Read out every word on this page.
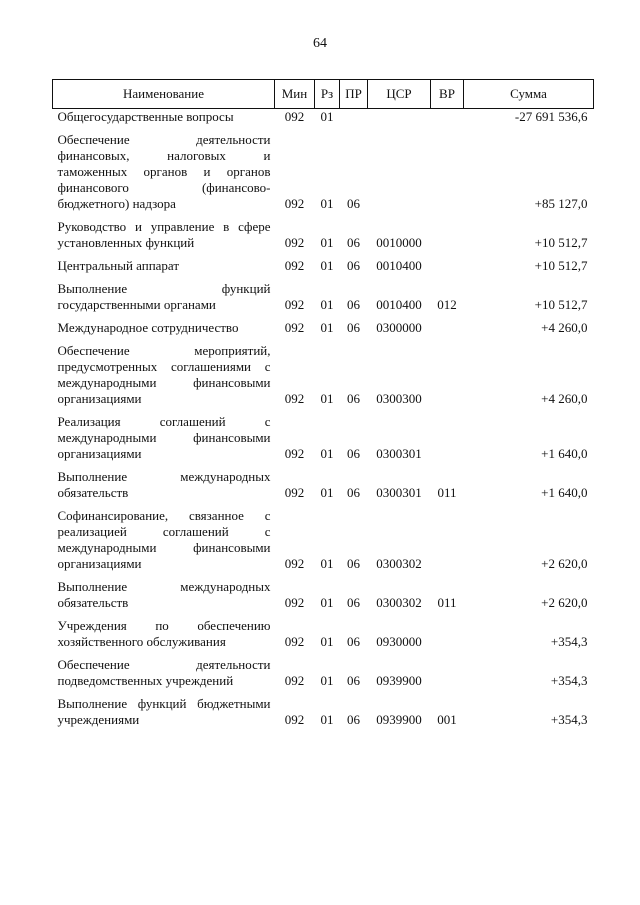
64
Наименование	Мин	Рз	ПР	ЦСР	ВР	Сумма
Общегосударственные вопросы	092	01				-27 691 536,6
Обеспечение деятельности финансовых, налоговых и таможенных органов и органов финансового (финансово-бюджетного) надзора	092	01	06			+85 127,0
Руководство и управление в сфере установленных функций	092	01	06	0010000		+10 512,7
Центральный аппарат	092	01	06	0010400		+10 512,7
Выполнение функций государственными органами	092	01	06	0010400	012	+10 512,7
Международное сотрудничество	092	01	06	0300000		+4 260,0
Обеспечение мероприятий, предусмотренных соглашениями с международными финансовыми организациями	092	01	06	0300300		+4 260,0
Реализация соглашений с международными финансовыми организациями	092	01	06	0300301		+1 640,0
Выполнение международных обязательств	092	01	06	0300301	011	+1 640,0
Софинансирование, связанное с реализацией соглашений с международными финансовыми организациями	092	01	06	0300302		+2 620,0
Выполнение международных обязательств	092	01	06	0300302	011	+2 620,0
Учреждения по обеспечению хозяйственного обслуживания	092	01	06	0930000		+354,3
Обеспечение деятельности подведомственных учреждений	092	01	06	0939900		+354,3
Выполнение функций бюджетными учреждениями	092	01	06	0939900	001	+354,3
